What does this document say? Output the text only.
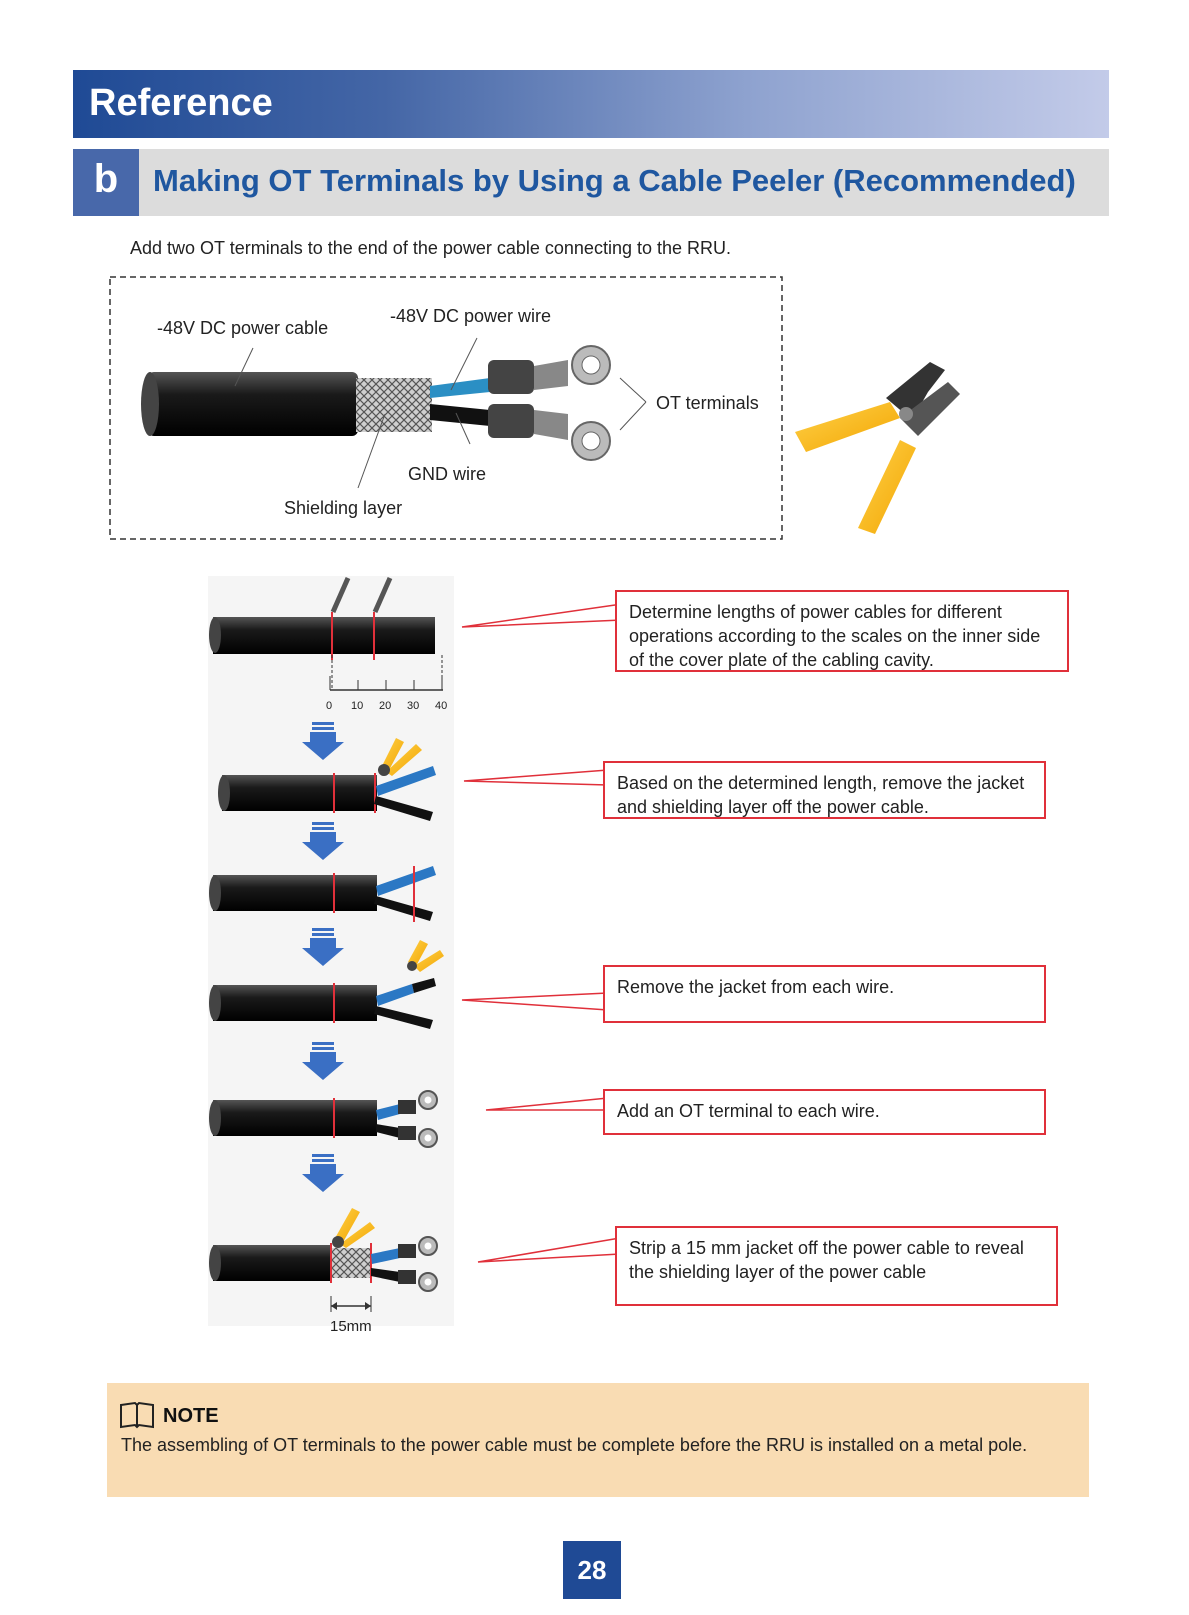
Reference
b	Making OT Terminals by Using a Cable Peeler (Recommended)
Add two OT terminals to the end of the power cable connecting to the RRU.
0 10 20 30 40
15mm
-48V DC power cable
-48V DC power wire
OT terminals
GND wire
Shielding layer
Determine lengths of power cables for different operations according to the scales on the inner side of the cover plate of the cabling cavity.
Based on the determined length, remove the jacket and shielding layer off the power cable.
Remove the jacket from each wire.
Add an OT terminal to each wire.
Strip a 15 mm jacket off the power cable to reveal the shielding layer of the power cable
NOTE
The assembling of OT terminals to the power cable must be complete before the RRU is installed on a metal pole.
28
